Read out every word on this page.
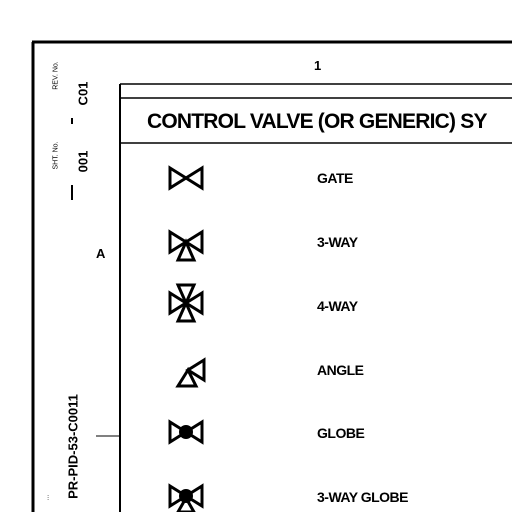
1
A
REV. No.
C01
SHT. No. 001
... PR-PID-53-C0011
CONTROL VALVE (OR GENERIC) SY
GATE
3-WAY
4-WAY
ANGLE
GLOBE
3-WAY GLOBE
